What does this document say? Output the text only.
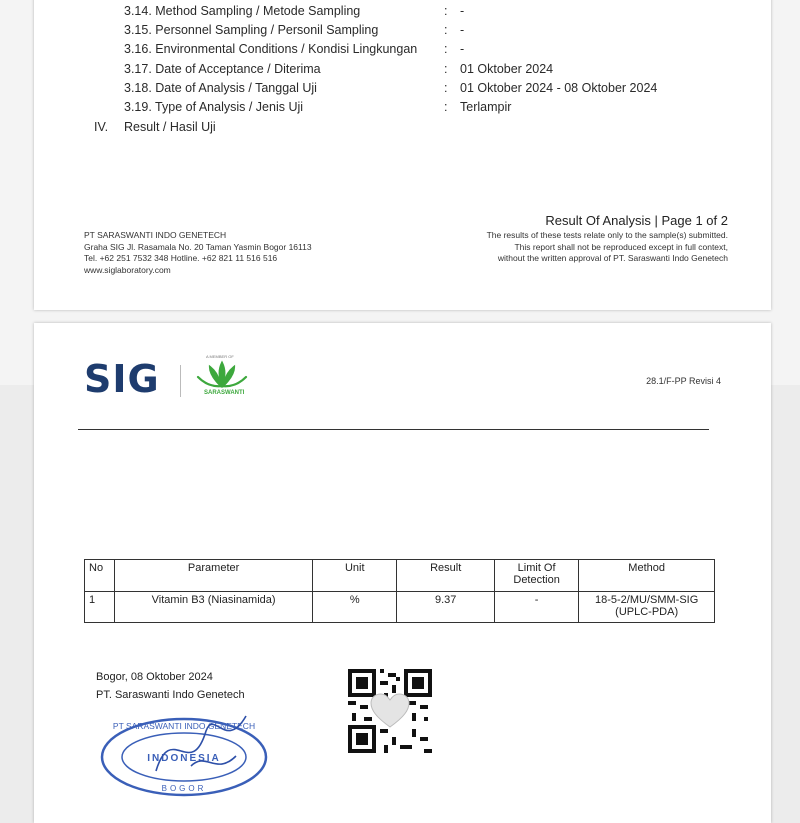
3.14. Method Sampling / Metode Sampling	: -
3.15. Personnel Sampling / Personil Sampling	: -
3.16. Environmental Conditions / Kondisi Lingkungan : -
3.17. Date of Acceptance / Diterima	: 01 Oktober 2024
3.18. Date of Analysis / Tanggal Uji	: 01 Oktober 2024 - 08 Oktober 2024
3.19. Type of Analysis / Jenis Uji	: Terlampir
IV. Result / Hasil Uji
PT SARASWANTI INDO GENETECH
Graha SIG Jl. Rasamala No. 20 Taman Yasmin Bogor 16113
Tel. +62 251 7532 348 Hotline. +62 821 11 516 516
www.siglaboratory.com
Result Of Analysis | Page 1 of 2
The results of these tests relate only to the sample(s) submitted.
This report shall not be reproduced except in full context,
without the written approval of PT. Saraswanti Indo Genetech
SIG
A MEMBER OF
SARASWANTI
28.1/F-PP Revisi 4
No	Parameter	Unit	Result	Limit Of Detection	Method
1	Vitamin B3 (Niasinamida)	%	9.37	-	18-5-2/MU/SMM-SIG (UPLC-PDA)
Bogor, 08 Oktober 2024
PT. Saraswanti Indo Genetech
INDONESIA
PT SARASWANTI INDO GENETECH
BOGOR
